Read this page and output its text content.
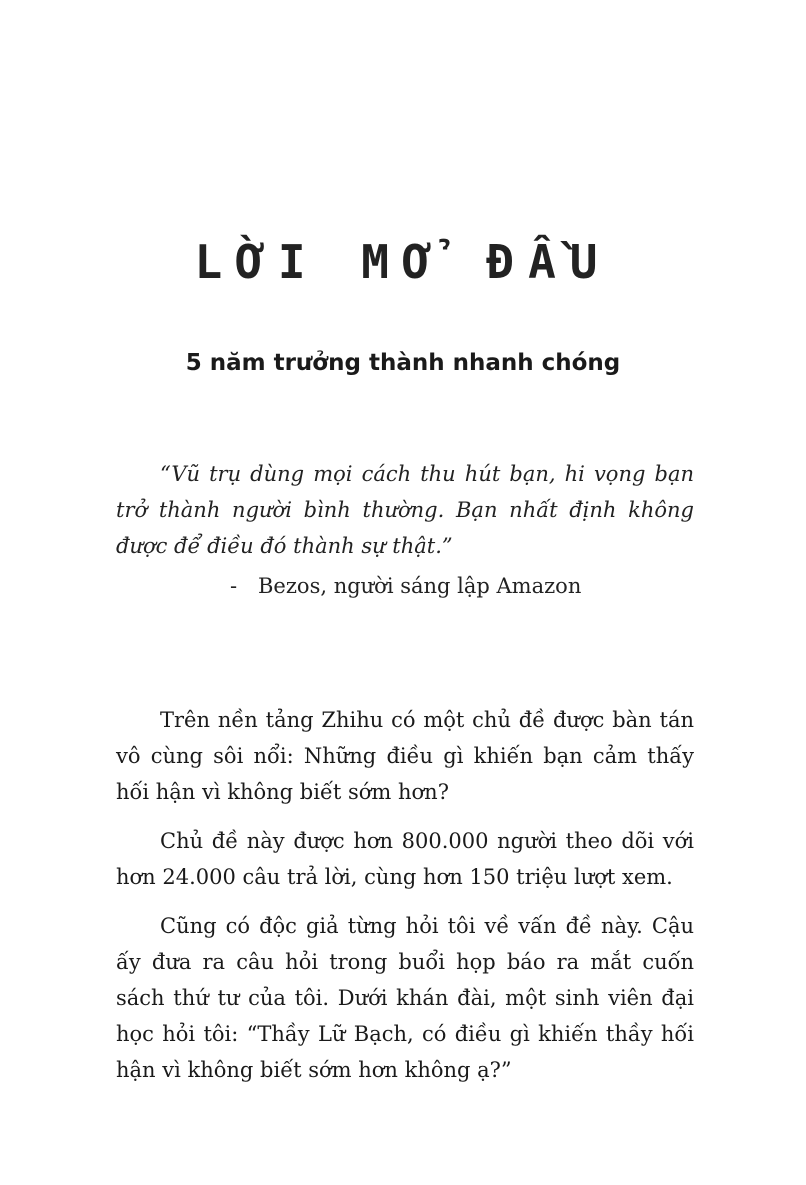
LỜI MỞ ĐẦU
5 năm trưởng thành nhanh chóng

“Vũ trụ dùng mọi cách thu hút bạn, hi vọng bạn trở thành người bình thường. Bạn nhất định không được để điều đó thành sự thật.”

- Bezos, người sáng lập Amazon

Trên nền tảng Zhihu có một chủ đề được bàn tán vô cùng sôi nổi: Những điều gì khiến bạn cảm thấy hối hận vì không biết sớm hơn?

Chủ đề này được hơn 800.000 người theo dõi với hơn 24.000 câu trả lời, cùng hơn 150 triệu lượt xem.

Cũng có độc giả từng hỏi tôi về vấn đề này. Cậu ấy đưa ra câu hỏi trong buổi họp báo ra mắt cuốn sách thứ tư của tôi. Dưới khán đài, một sinh viên đại học hỏi tôi: “Thầy Lữ Bạch, có điều gì khiến thầy hối hận vì không biết sớm hơn không ạ?”
